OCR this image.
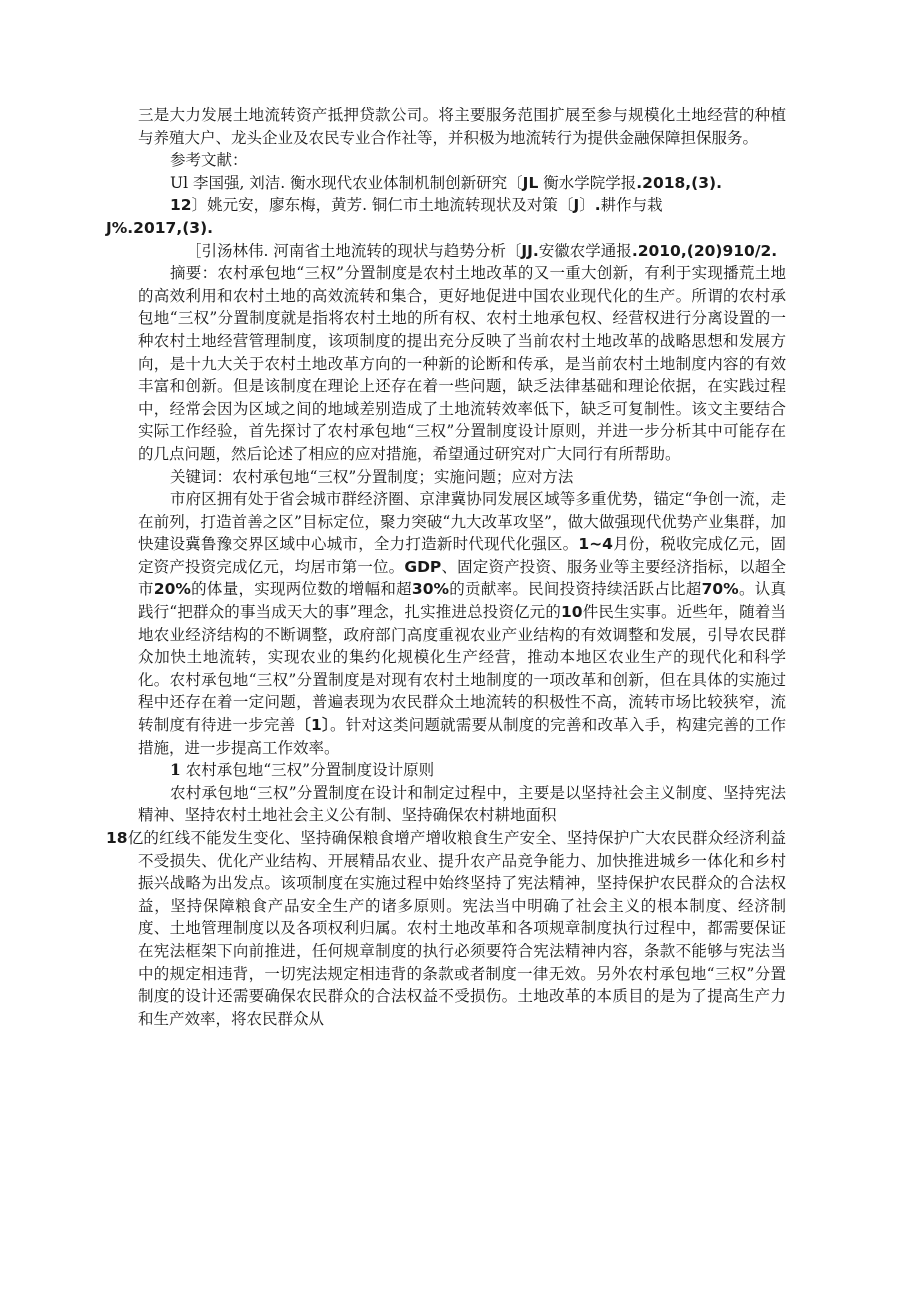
三是大力发展土地流转资产抵押贷款公司。将主要服务范围扩展至参与规模化土地经营的种植与养殖大户、龙头企业及农民专业合作社等，并积极为地流转行为提供金融保障担保服务。

参考文献：

Ul 李国强, 刘洁. 衡水现代农业体制机制创新研究〔JL 衡水学院学报.2018,(3).

12〕姚元安，廖东梅，黄芳. 铜仁市土地流转现状及对策〔J〕.耕作与栽
J%.2017,(3).

［引汤林伟. 河南省土地流转的现状与趋势分析〔JJ.安徽农学通报.2010,(20)910/2.

摘要：农村承包地“三权”分置制度是农村土地改革的又一重大创新，有利于实现播荒土地的高效利用和农村土地的高效流转和集合，更好地促进中国农业现代化的生产。所谓的农村承包地“三权”分置制度就是指将农村土地的所有权、农村土地承包权、经营权进行分离设置的一种农村土地经营管理制度，该项制度的提出充分反映了当前农村土地改革的战略思想和发展方向，是十九大关于农村土地改革方向的一种新的论断和传承，是当前农村土地制度内容的有效丰富和创新。但是该制度在理论上还存在着一些问题，缺乏法律基础和理论依据，在实践过程中，经常会因为区域之间的地域差别造成了土地流转效率低下，缺乏可复制性。该文主要结合实际工作经验，首先探讨了农村承包地“三权”分置制度设计原则，并进一步分析其中可能存在的几点问题，然后论述了相应的应对措施，希望通过研究对广大同行有所帮助。

关键词：农村承包地“三权”分置制度；实施问题；应对方法

市府区拥有处于省会城市群经济圈、京津冀协同发展区域等多重优势，锚定“争创一流，走在前列，打造首善之区”目标定位，聚力突破“九大改革攻坚”，做大做强现代优势产业集群，加快建设冀鲁豫交界区域中心城市，全力打造新时代现代化强区。1~4月份，税收完成亿元，固定资产投资完成亿元，均居市第一位。GDP、固定资产投资、服务业等主要经济指标，以超全市20%的体量，实现两位数的增幅和超30%的贡献率。民间投资持续活跃占比超70%。认真践行“把群众的事当成天大的事”理念，扎实推进总投资亿元的10件民生实事。近些年，随着当地农业经济结构的不断调整，政府部门高度重视农业产业结构的有效调整和发展，引导农民群众加快土地流转，实现农业的集约化规模化生产经营，推动本地区农业生产的现代化和科学化。农村承包地“三权”分置制度是对现有农村土地制度的一项改革和创新，但在具体的实施过程中还存在着一定问题，普遍表现为农民群众土地流转的积极性不高，流转市场比较狭窄，流转制度有待进一步完善〔1〕。针对这类问题就需要从制度的完善和改革入手，构建完善的工作措施，进一步提高工作效率。

1 农村承包地“三权”分置制度设计原则

农村承包地“三权”分置制度在设计和制定过程中，主要是以坚持社会主义制度、坚持宪法精神、坚持农村土地社会主义公有制、坚持确保农村耕地面积
18亿的红线不能发生变化、坚持确保粮食增产增收粮食生产安全、坚持保护广大农民群众经济利益不受损失、优化产业结构、开展精品农业、提升农产品竞争能力、加快推进城乡一体化和乡村振兴战略为出发点。该项制度在实施过程中始终坚持了宪法精神，坚持保护农民群众的合法权益，坚持保障粮食产品安全生产的诸多原则。宪法当中明确了社会主义的根本制度、经济制度、土地管理制度以及各项权利归属。农村土地改革和各项规章制度执行过程中，都需要保证在宪法框架下向前推进，任何规章制度的执行必须要符合宪法精神内容，条款不能够与宪法当中的规定相违背，一切宪法规定相违背的条款或者制度一律无效。另外农村承包地“三权”分置制度的设计还需要确保农民群众的合法权益不受损伤。土地改革的本质目的是为了提高生产力和生产效率，将农民群众从
